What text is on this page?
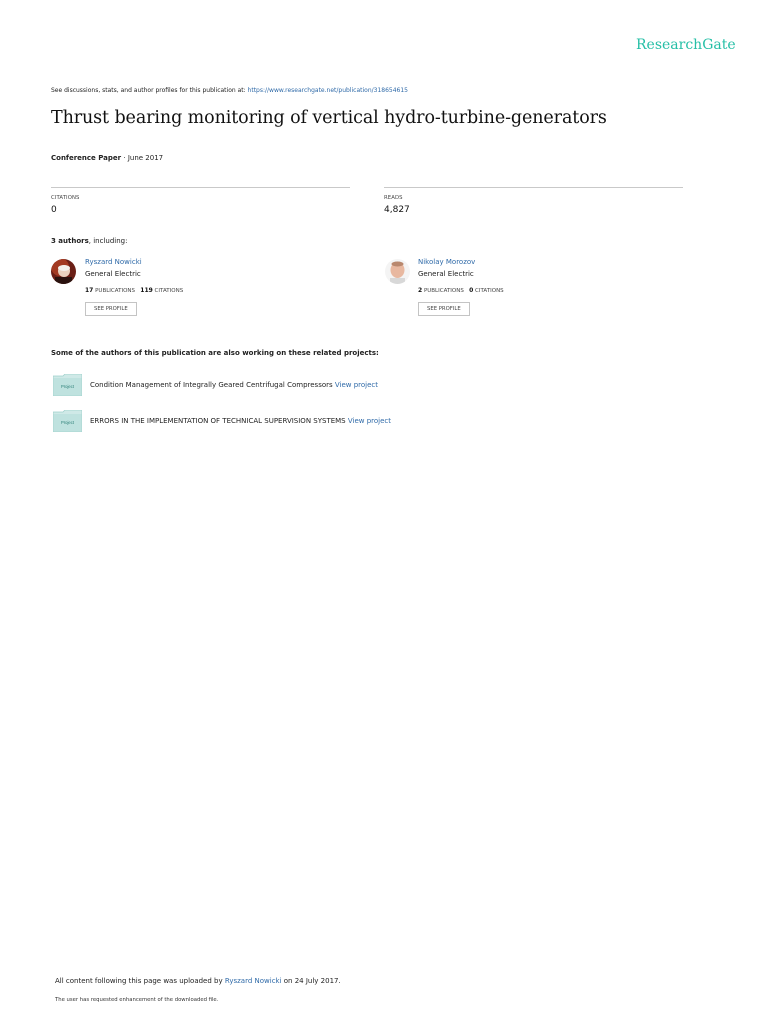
ResearchGate
See discussions, stats, and author profiles for this publication at: https://www.researchgate.net/publication/318654615
Thrust bearing monitoring of vertical hydro-turbine-generators
Conference Paper · June 2017
CITATIONS
0
READS
4,827
3 authors, including:
Ryszard Nowicki
General Electric
17 PUBLICATIONS 119 CITATIONS
SEE PROFILE
Nikolay Morozov
General Electric
2 PUBLICATIONS 0 CITATIONS
SEE PROFILE
Some of the authors of this publication are also working on these related projects:
Project Condition Management of Integrally Geared Centrifugal Compressors View project
Project ERRORS IN THE IMPLEMENTATION OF TECHNICAL SUPERVISION SYSTEMS View project
All content following this page was uploaded by Ryszard Nowicki on 24 July 2017.
The user has requested enhancement of the downloaded file.
